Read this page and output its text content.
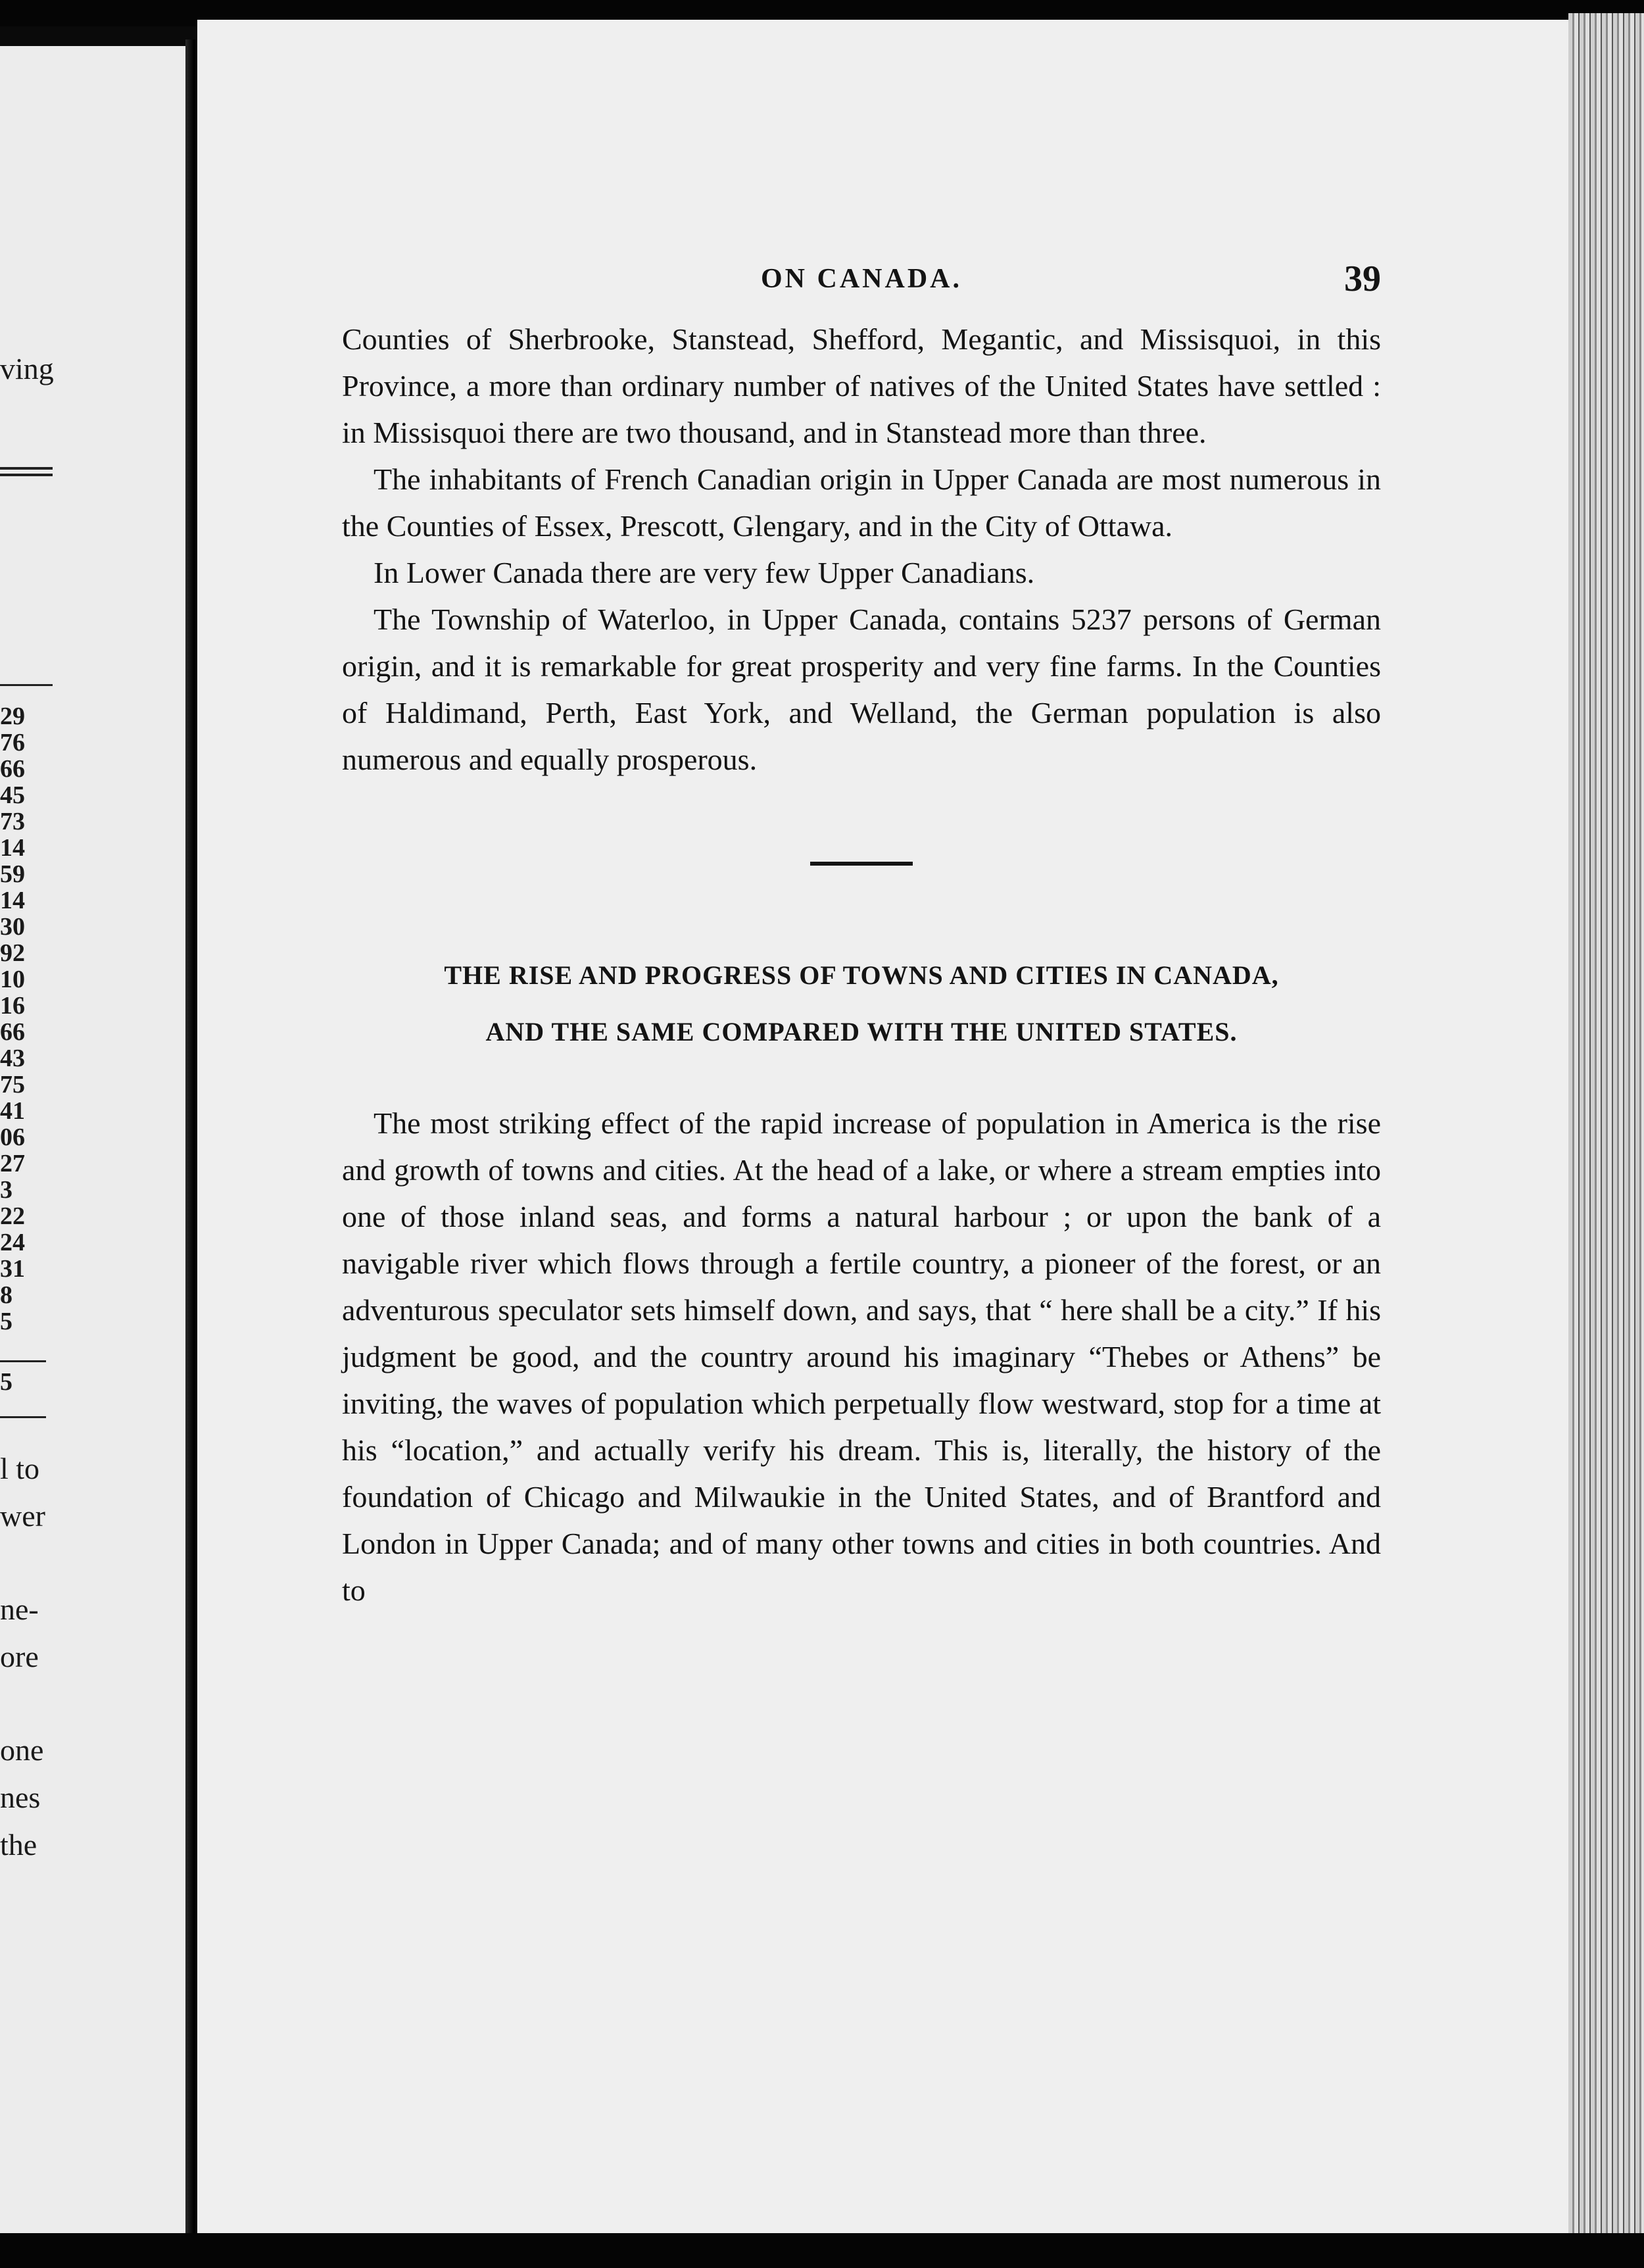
ving
29
76
66
45
73
14
59
14
30
92
10
16
66
43
75
41
06
27
3
22
24
31
8
5
5
l to
wer
ne-
ore
one
nes
the
ON CANADA.	39

Counties of Sherbrooke, Stanstead, Shefford, Megantic, and Missisquoi, in this Province, a more than ordinary number of natives of the United States have settled : in Missisquoi there are two thousand, and in Stanstead more than three.

The inhabitants of French Canadian origin in Upper Canada are most numerous in the Counties of Essex, Prescott, Glengary, and in the City of Ottawa.

In Lower Canada there are very few Upper Canadians.

The Township of Waterloo, in Upper Canada, contains 5237 persons of German origin, and it is remarkable for great prosperity and very fine farms. In the Counties of Haldimand, Perth, East York, and Welland, the German population is also numerous and equally prosperous.

THE RISE AND PROGRESS OF TOWNS AND CITIES IN CANADA,

AND THE SAME COMPARED WITH THE UNITED STATES.

The most striking effect of the rapid increase of population in America is the rise and growth of towns and cities. At the head of a lake, or where a stream empties into one of those inland seas, and forms a natural harbour ; or upon the bank of a navigable river which flows through a fertile country, a pioneer of the forest, or an adventurous speculator sets himself down, and says, that “ here shall be a city.” If his judgment be good, and the country around his imaginary “Thebes or Athens” be inviting, the waves of population which perpetually flow westward, stop for a time at his “location,” and actually verify his dream. This is, literally, the history of the foundation of Chicago and Milwaukie in the United States, and of Brantford and London in Upper Canada; and of many other towns and cities in both countries. And to
